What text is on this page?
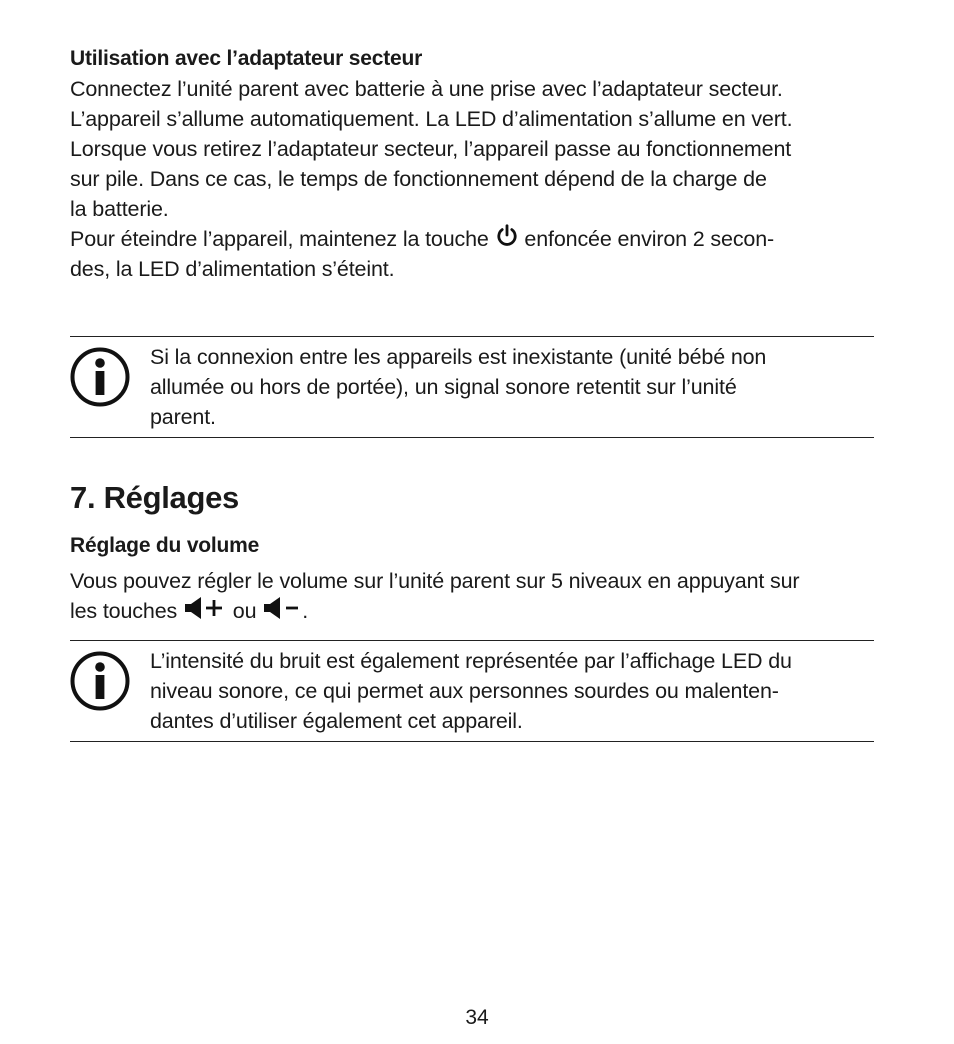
Utilisation avec l’adaptateur secteur

Connectez l’unité parent avec batterie à une prise avec l’adaptateur secteur.

L’appareil s’allume automatiquement. La LED d’alimentation s’allume en vert.

Lorsque vous retirez l’adaptateur secteur, l’appareil passe au fonctionnement

sur pile. Dans ce cas, le temps de fonctionnement dépend de la charge de

la batterie.

Pour éteindre l’appareil, maintenez la touche enfoncée environ 2 secon-

des, la LED d’alimentation s’éteint.

Si la connexion entre les appareils est inexistante (unité bébé non
allumée ou hors de portée), un signal sonore retentit sur l’unité
parent.
7. Réglages

Réglage du volume

Vous pouvez régler le volume sur l’unité parent sur 5 niveaux en appuyant sur

les touches	ou .

L’intensité du bruit est également représentée par l’affichage LED du
niveau sonore, ce qui permet aux personnes sourdes ou malenten-
dantes d’utiliser également cet appareil.
34
